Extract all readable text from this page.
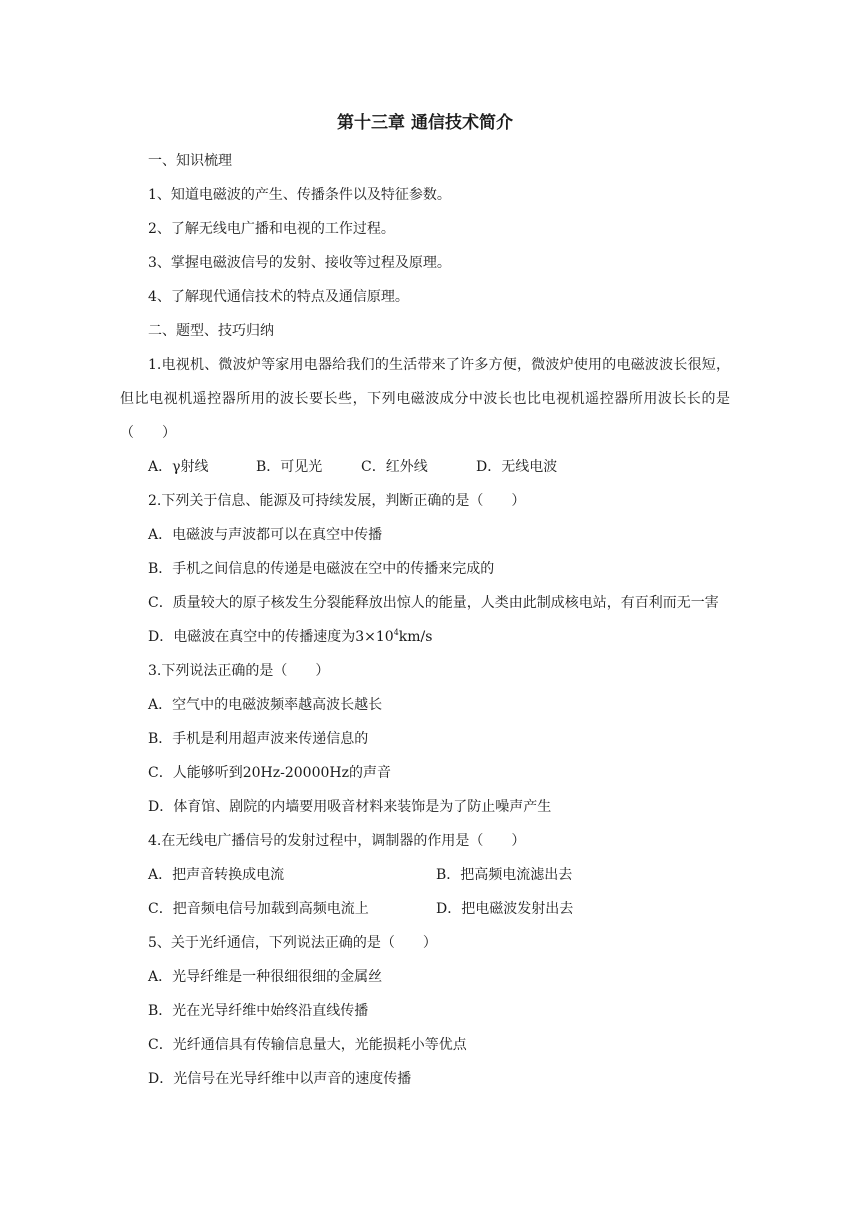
第十三章 通信技术简介
一、知识梳理
1、知道电磁波的产生、传播条件以及特征参数。
2、了解无线电广播和电视的工作过程。
3、掌握电磁波信号的发射、接收等过程及原理。
4、了解现代通信技术的特点及通信原理。
二、题型、技巧归纳

1.电视机、微波炉等家用电器给我们的生活带来了许多方便，微波炉使用的电磁波波长很短，但比电视机遥控器所用的波长要长些，下列电磁波成分中波长也比电视机遥控器所用波长长的是（　　）

A．γ射线	B．可见光	C．红外线	D．无线电波
2.下列关于信息、能源及可持续发展，判断正确的是（　　）
A．电磁波与声波都可以在真空中传播
B．手机之间信息的传递是电磁波在空中的传播来完成的

C．质量较大的原子核发生分裂能释放出惊人的能量，人类由此制成核电站，有百利而无一害

D．电磁波在真空中的传播速度为$3\times 10^4km/s$
3.下列说法正确的是（　　）
A．空气中的电磁波频率越高波长越长
B．手机是利用超声波来传递信息的
C．人能够听到20Hz-20000Hz的声音
D．体育馆、剧院的内墙要用吸音材料来装饰是为了防止噪声产生
4.在无线电广播信号的发射过程中，调制器的作用是（　　）
A．把声音转换成电流	B．把高频电流滤出去
C．把音频电信号加载到高频电流上	D．把电磁波发射出去
5、关于光纤通信，下列说法正确的是（　　）
A．光导纤维是一种很细很细的金属丝
B．光在光导纤维中始终沿直线传播
C．光纤通信具有传输信息量大，光能损耗小等优点
D．光信号在光导纤维中以声音的速度传播
